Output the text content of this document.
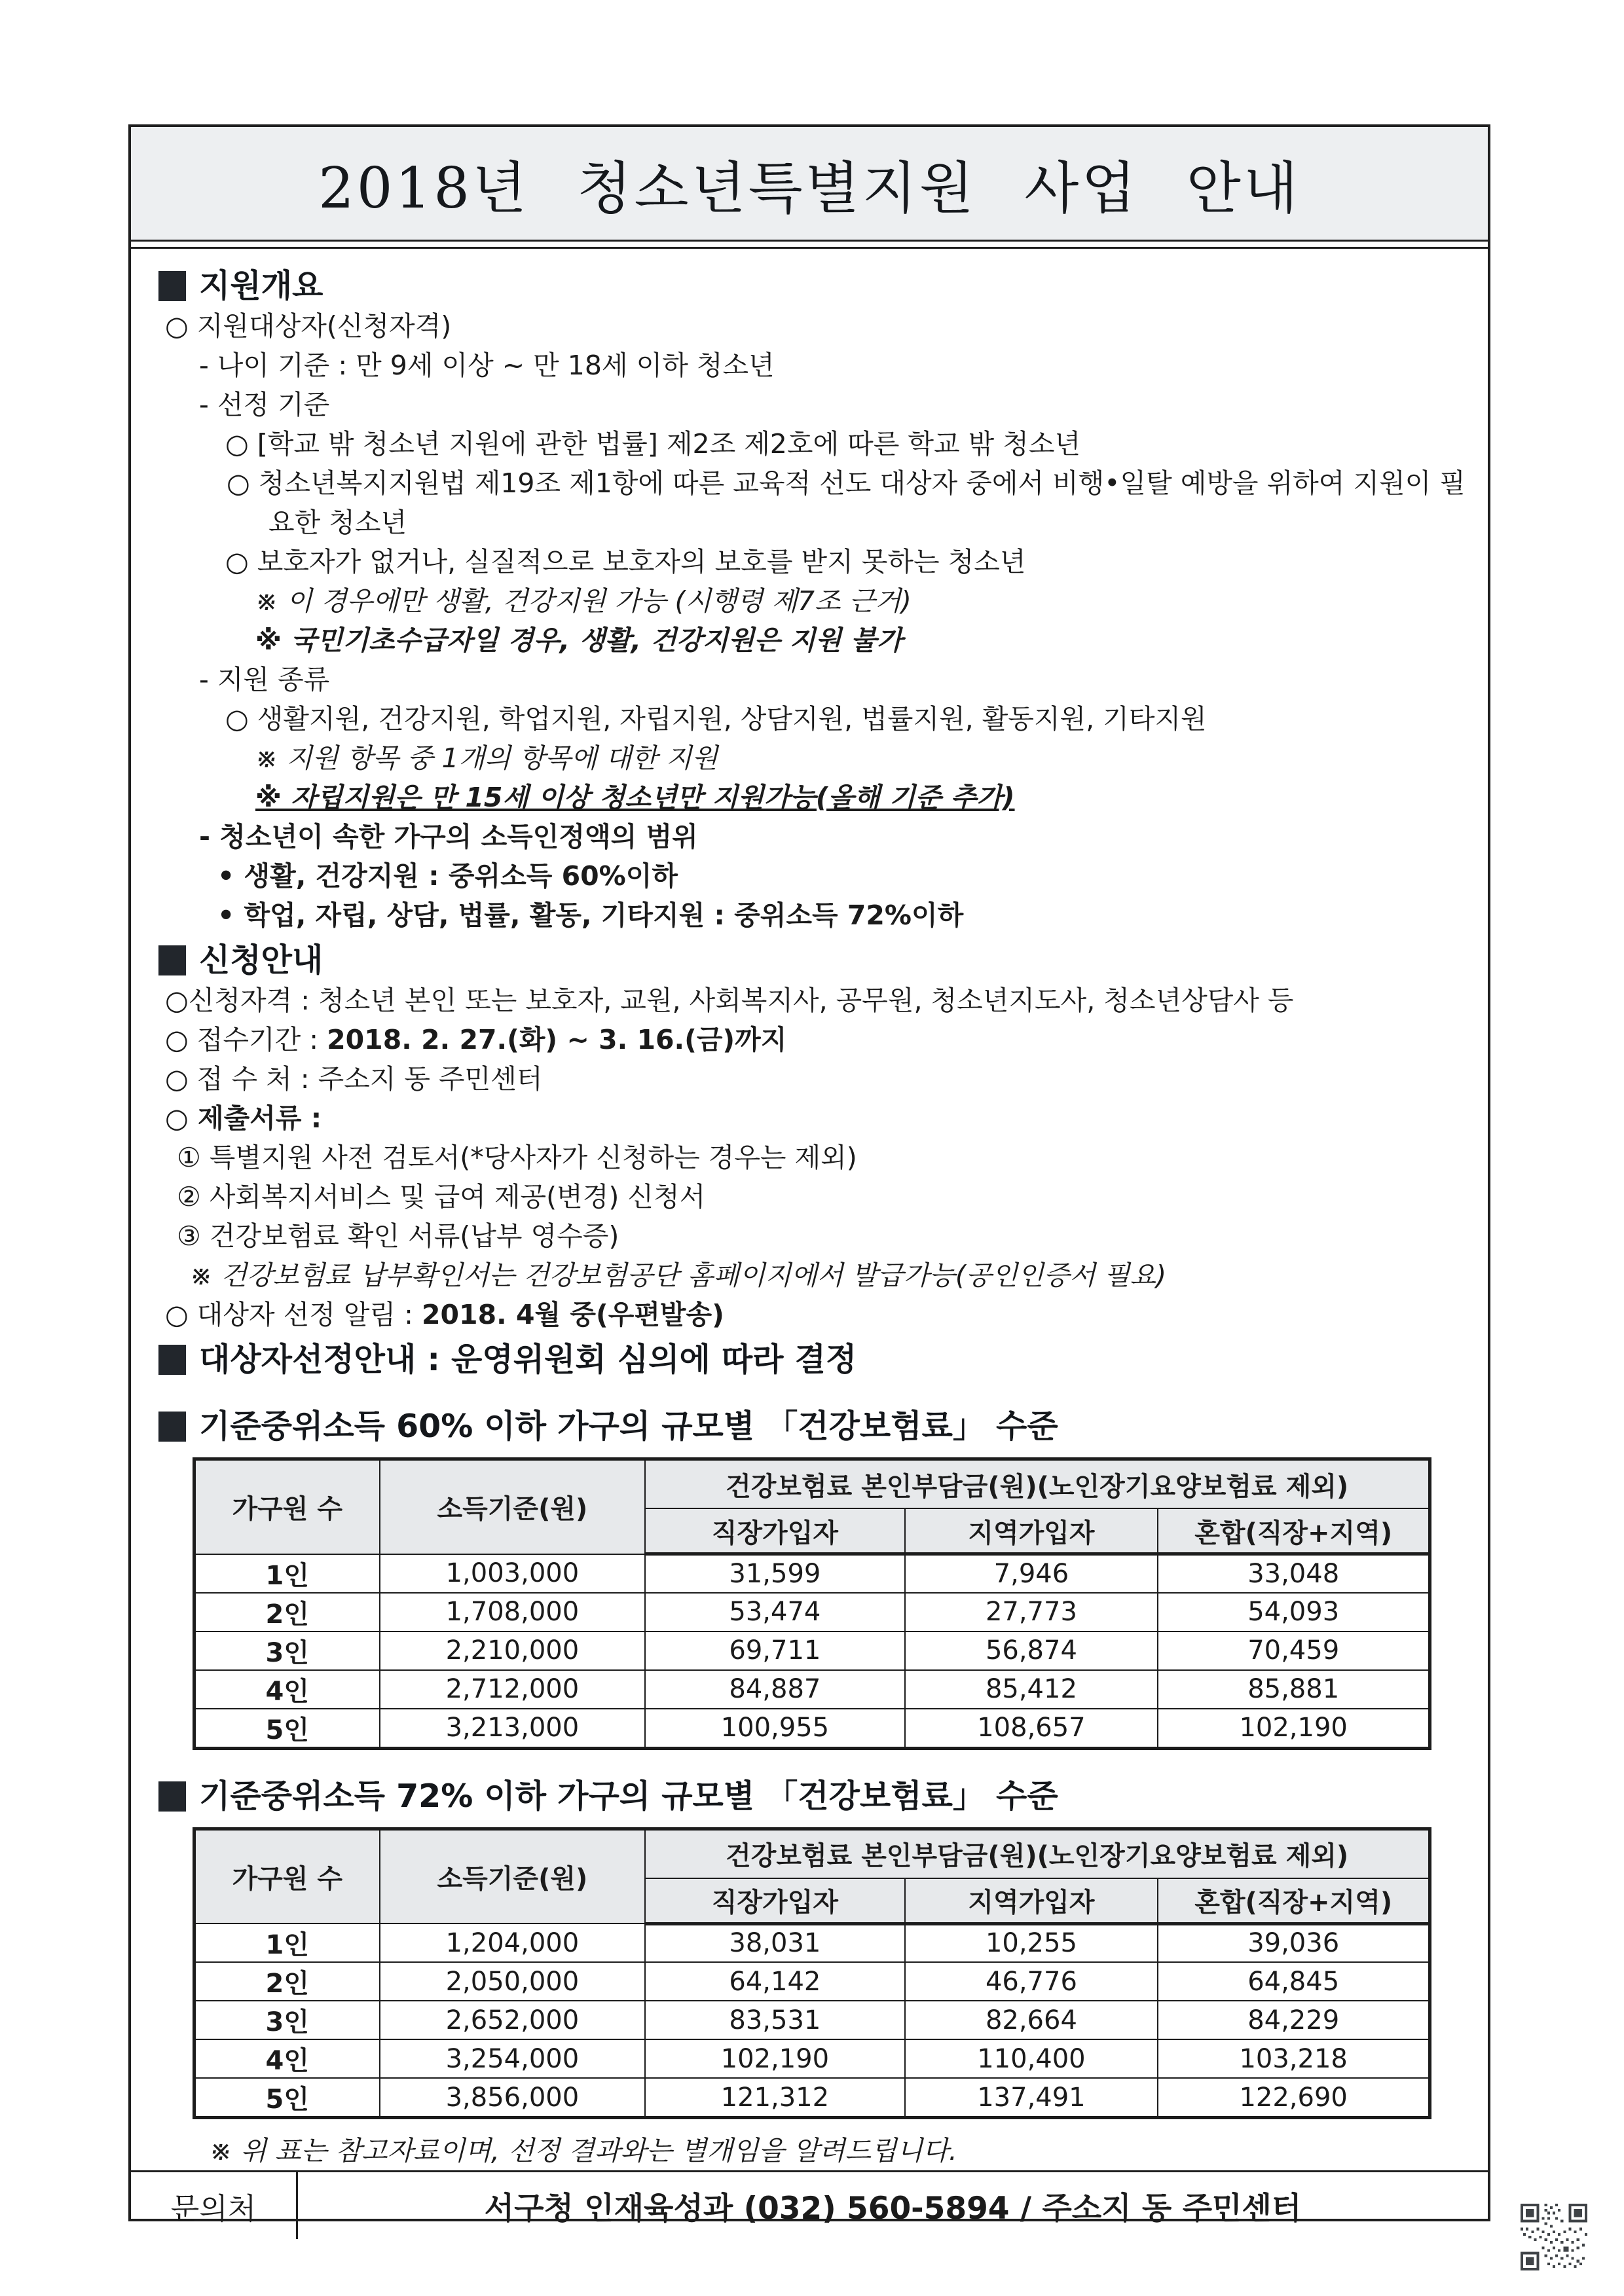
2018년 청소년특별지원 사업 안내
지원개요
○ 지원대상자(신청자격)
- 나이 기준 : 만 9세 이상 ~ 만 18세 이하 청소년
- 선정 기준
○ [학교 밖 청소년 지원에 관한 법률] 제2조 제2호에 따른 학교 밖 청소년
○ 청소년복지지원법 제19조 제1항에 따른 교육적 선도 대상자 중에서 비행•일탈 예방을 위하여 지원이 필요한 청소년
○ 보호자가 없거나, 실질적으로 보호자의 보호를 받지 못하는 청소년
※ 이 경우에만 생활, 건강지원 가능 (시행령 제7조 근거)
※ 국민기초수급자일 경우, 생활, 건강지원은 지원 불가
- 지원 종류
○ 생활지원, 건강지원, 학업지원, 자립지원, 상담지원, 법률지원, 활동지원, 기타지원
※ 지원 항목 중 1개의 항목에 대한 지원
※ 자립지원은 만 15세 이상 청소년만 지원가능(올해 기준 추가)
- 청소년이 속한 가구의 소득인정액의 범위
• 생활, 건강지원 : 중위소득 60%이하
• 학업, 자립, 상담, 법률, 활동, 기타지원 : 중위소득 72%이하
신청안내
○신청자격 : 청소년 본인 또는 보호자, 교원, 사회복지사, 공무원, 청소년지도사, 청소년상담사 등
○ 접수기간 : 2018. 2. 27.(화) ~ 3. 16.(금)까지
○ 접 수 처 : 주소지 동 주민센터
○ 제출서류 :
① 특별지원 사전 검토서(*당사자가 신청하는 경우는 제외)
② 사회복지서비스 및 급여 제공(변경) 신청서
③ 건강보험료 확인 서류(납부 영수증)
※ 건강보험료 납부확인서는 건강보험공단 홈페이지에서 발급가능(공인인증서 필요)
○ 대상자 선정 알림 : 2018. 4월 중(우편발송)
대상자선정안내 : 운영위원회 심의에 따라 결정
기준중위소득 60% 이하 가구의 규모별 「건강보험료」 수준
가구원 수	소득기준(원)	건강보험료 본인부담금(원)(노인장기요양보험료 제외)		
		직장가입자	지역가입자	혼합(직장+지역)
1인	1,003,000	31,599	7,946	33,048
2인	1,708,000	53,474	27,773	54,093
3인	2,210,000	69,711	56,874	70,459
4인	2,712,000	84,887	85,412	85,881
5인	3,213,000	100,955	108,657	102,190
기준중위소득 72% 이하 가구의 규모별 「건강보험료」 수준
가구원 수	소득기준(원)	건강보험료 본인부담금(원)(노인장기요양보험료 제외)		
		직장가입자	지역가입자	혼합(직장+지역)
1인	1,204,000	38,031	10,255	39,036
2인	2,050,000	64,142	46,776	64,845
3인	2,652,000	83,531	82,664	84,229
4인	3,254,000	102,190	110,400	103,218
5인	3,856,000	121,312	137,491	122,690
※ 위 표는 참고자료이며, 선정 결과와는 별개임을 알려드립니다.
문의처	서구청 인재육성과 (032) 560-5894 / 주소지 동 주민센터
